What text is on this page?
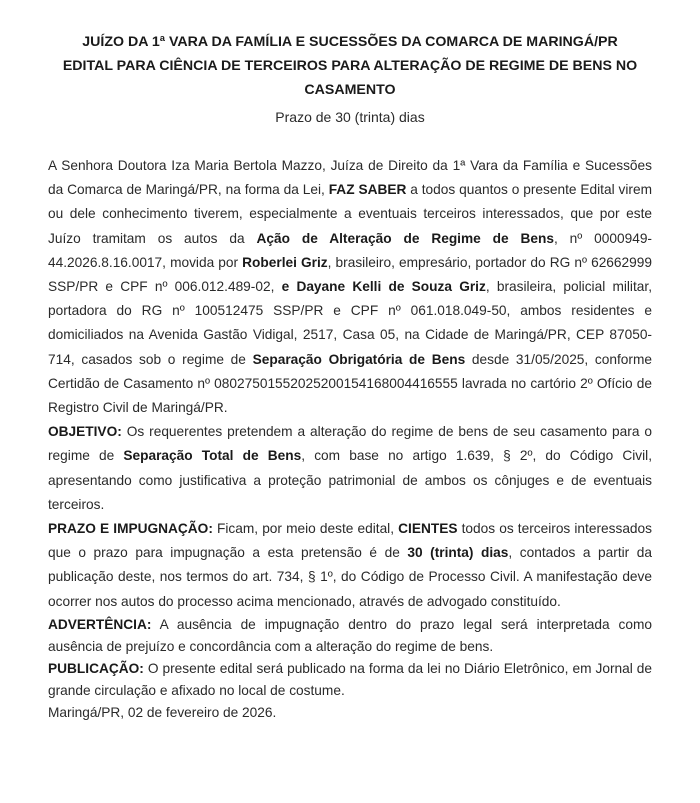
JUÍZO DA 1ª VARA DA FAMÍLIA E SUCESSÕES DA COMARCA DE MARINGÁ/PR
EDITAL PARA CIÊNCIA DE TERCEIROS PARA ALTERAÇÃO DE REGIME DE BENS NO
CASAMENTO
Prazo de 30 (trinta) dias

A Senhora Doutora Iza Maria Bertola Mazzo, Juíza de Direito da 1ª Vara da Família e Sucessões da Comarca de Maringá/PR, na forma da Lei, FAZ SABER a todos quantos o presente Edital virem ou dele conhecimento tiverem, especialmente a eventuais terceiros interessados, que por este Juízo tramitam os autos da Ação de Alteração de Regime de Bens, nº 0000949-44.2026.8.16.0017, movida por Roberlei Griz, brasileiro, empresário, portador do RG nº 62662999 SSP/PR e CPF nº 006.012.489-02, e Dayane Kelli de Souza Griz, brasileira, policial militar, portadora do RG nº 100512475 SSP/PR e CPF nº 061.018.049-50, ambos residentes e domiciliados na Avenida Gastão Vidigal, 2517, Casa 05, na Cidade de Maringá/PR, CEP 87050-714, casados sob o regime de Separação Obrigatória de Bens desde 31/05/2025, conforme Certidão de Casamento nº 08027501552025200154168004416555 lavrada no cartório 2º Ofício de Registro Civil de Maringá/PR.

OBJETIVO: Os requerentes pretendem a alteração do regime de bens de seu casamento para o regime de Separação Total de Bens, com base no artigo 1.639, § 2º, do Código Civil, apresentando como justificativa a proteção patrimonial de ambos os cônjuges e de eventuais terceiros.

PRAZO E IMPUGNAÇÃO: Ficam, por meio deste edital, CIENTES todos os terceiros interessados que o prazo para impugnação a esta pretensão é de 30 (trinta) dias, contados a partir da publicação deste, nos termos do art. 734, § 1º, do Código de Processo Civil. A manifestação deve ocorrer nos autos do processo acima mencionado, através de advogado constituído.

ADVERTÊNCIA: A ausência de impugnação dentro do prazo legal será interpretada como ausência de prejuízo e concordância com a alteração do regime de bens.

PUBLICAÇÃO: O presente edital será publicado na forma da lei no Diário Eletrônico, em Jornal de grande circulação e afixado no local de costume.

Maringá/PR, 02 de fevereiro de 2026.
